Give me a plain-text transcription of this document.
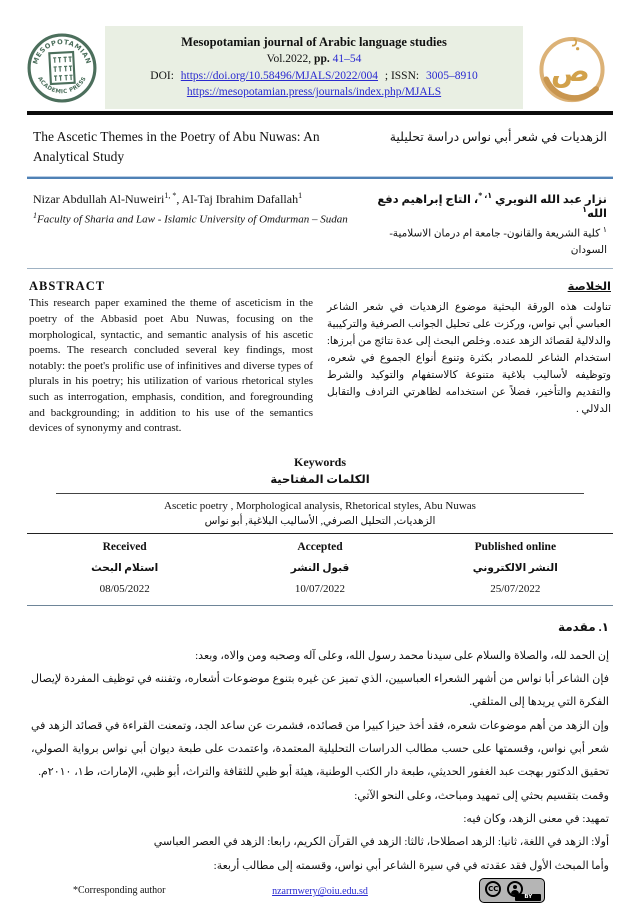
MESOPOTAMIAN
ACADEMIC PRESS
Mesopotamian journal of Arabic language studies
Vol.2022, pp. 41–54
DOI: https://doi.org/10.58496/MJALS/2022/004 ; ISSN: 3005–8910
https://mesopotamian.press/journals/index.php/MJALS
ص
The Ascetic Themes in the Poetry of Abu Nuwas: An Analytical Study
الزهديات في شعر أبي نواس دراسة تحليلية

Nizar Abdullah Al-Nuweiri$^{1, *}$, Al-Taj Ibrahim Dafallah$^1$

$^1$Faculty of Sharia and Law - Islamic University of Omdurman – Sudan

نزار عبد الله النويري $^{١، *}$، التاج إبراهيم دفع الله$^١$

$^١$ كلية الشريعة والقانون- جامعة ام درمان الاسلامية-السودان

ABSTRACT

This research paper examined the theme of asceticism in the poetry of the Abbasid poet Abu Nuwas, focusing on the morphological, syntactic, and semantic analysis of his ascetic poems. The research concluded several key findings, most notably: the poet's prolific use of infinitives and diverse types of plurals in his poetry; his utilization of various rhetorical styles such as interrogation, emphasis, condition, and foregrounding and backgrounding; in addition to his use of the semantics devices of synonymy and contrast.

الخلاصة

تناولت هذه الورقة البحثية موضوع الزهديات في شعر الشاعر العباسي أبي نواس، وركزت على تحليل الجوانب الصرفية والتركيبية والدلالية لقصائد الزهد عنده. وخلص البحث إلى عدة نتائج من أبرزها: استخدام الشاعر للمصادر بكثرة وتنوع أنواع الجموع في شعره، وتوظيفه لأساليب بلاغية متنوعة كالاستفهام والتوكيد والشرط والتقديم والتأخير، فضلاً عن استخدامه لظاهرتي الترادف والتقابل الدلالي .

Keywords
الكلمات المفتاحية

Ascetic poetry , Morphological analysis, Rhetorical styles, Abu Nuwas

الزهديات, التحليل الصرفي, الأساليب البلاغية, أبو نواس

Received	Accepted	Published online
استلام البحث	قبول النشر	النشر الالكتروني
08/05/2022	10/07/2022	25/07/2022
١. مقدمة

إن الحمد لله، والصلاة والسلام على سيدنا محمد رسول الله، وعلى آله وصحبه ومن والاه، وبعد:

فإن الشاعر أبا نواس من أشهر الشعراء العباسيين، الذي تميز عن غيره بتنوع موضوعات أشعاره، وتفننه في توظيف المفردة لإيصال الفكرة التي يريدها إلى المتلقي.

وإن الزهد من أهم موضوعات شعره، فقد أخذ حيزا كبيرا من قصائده، فشمرت عن ساعد الجد، وتمعنت القراءة في قصائد الزهد في شعر أبي نواس، وقسمتها على حسب مطالب الدراسات التحليلية المعتمدة، واعتمدت على طبعة ديوان أبي نواس برواية الصولي، تحقيق الدكتور بهجت عبد الغفور الحديثي، طبعة دار الكتب الوطنية، هيئة أبو ظبي للثقافة والتراث، أبو ظبي، الإمارات، ط١، ٢٠١٠م.

وقمت بتقسيم بحثي إلى تمهيد ومباحث، وعلى النحو الآتي:

تمهيد: في معنى الزهد، وكان فيه:

أولا: الزهد في اللغة، ثانيا: الزهد اصطلاحا، ثالثا: الزهد في القرآن الكريم، رابعا: الزهد في العصر العباسي

وأما المبحث الأول فقد عقدته في في سيرة الشاعر أبي نواس، وقسمته إلى مطالب أربعة:

*Corresponding author	nzarrnwery@oiu.edu.sd	CC
BY
